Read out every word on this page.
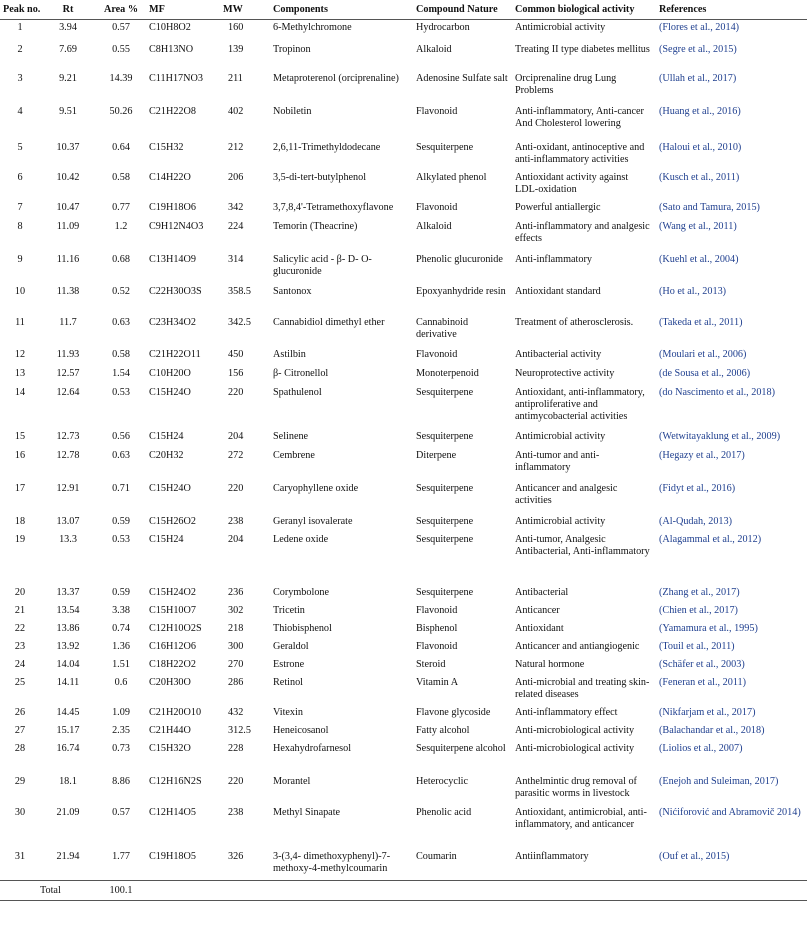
Peak no.	Rt	Area %	MF	MW	Components	Compound Nature	Common biological activity	References
1	3.94	0.57	C10H8O2	160	6-Methylchromone	Hydrocarbon	Antimicrobial activity	(Flores et al., 2014)
2	7.69	0.55	C8H13NO	139	Tropinon	Alkaloid	Treating II type diabetes mellitus	(Segre et al., 2015)
3	9.21	14.39	C11H17NO3	211	Metaproterenol (orciprenaline)	Adenosine Sulfate salt	Orciprenaline drug Lung Problems	(Ullah et al., 2017)
4	9.51	50.26	C21H22O8	402	Nobiletin	Flavonoid	Anti-inflammatory, Anti-cancer And Cholesterol lowering	(Huang et al., 2016)
5	10.37	0.64	C15H32	212	2,6,11-Trimethyldodecane	Sesquiterpene	Anti-oxidant, antinoceptive and anti-inflammatory activities	(Haloui et al., 2010)
6	10.42	0.58	C14H22O	206	3,5-di-tert-butylphenol	Alkylated phenol	Antioxidant activity against LDL-oxidation	(Kusch et al., 2011)
7	10.47	0.77	C19H18O6	342	3,7,8,4'-Tetramethoxyflavone	Flavonoid	Powerful antiallergic	(Sato and Tamura, 2015)
8	11.09	1.2	C9H12N4O3	224	Temorin (Theacrine)	Alkaloid	Anti-inflammatory and analgesic effects	(Wang et al., 2011)
9	11.16	0.68	C13H14O9	314	Salicylic acid - β- D- O-glucuronide	Phenolic glucuronide	Anti-inflammatory	(Kuehl et al., 2004)
10	11.38	0.52	C22H30O3S	358.5	Santonox	Epoxyanhydride resin	Antioxidant standard	(Ho et al., 2013)
11	11.7	0.63	C23H34O2	342.5	Cannabidiol dimethyl ether	Cannabinoid derivative	Treatment of atherosclerosis.	(Takeda et al., 2011)
12	11.93	0.58	C21H22O11	450	Astilbin	Flavonoid	Antibacterial activity	(Moulari et al., 2006)
13	12.57	1.54	C10H20O	156	β- Citronellol	Monoterpenoid	Neuroprotective activity	(de Sousa et al., 2006)
14	12.64	0.53	C15H24O	220	Spathulenol	Sesquiterpene	Antioxidant, anti-inflammatory, antiproliferative and antimycobacterial activities	(do Nascimento et al., 2018)
15	12.73	0.56	C15H24	204	Selinene	Sesquiterpene	Antimicrobial activity	(Wetwitayaklung et al., 2009)
16	12.78	0.63	C20H32	272	Cembrene	Diterpene	Anti-tumor and anti-inflammatory	(Hegazy et al., 2017)
17	12.91	0.71	C15H24O	220	Caryophyllene oxide	Sesquiterpene	Anticancer and analgesic activities	(Fidyt et al., 2016)
18	13.07	0.59	C15H26O2	238	Geranyl isovalerate	Sesquiterpene	Antimicrobial activity	(Al-Qudah, 2013)
19	13.3	0.53	C15H24	204	Ledene oxide	Sesquiterpene	Anti-tumor, Analgesic Antibacterial, Anti-inflammatory	(Alagammal et al., 2012)
20	13.37	0.59	C15H24O2	236	Corymbolone	Sesquiterpene	Antibacterial	(Zhang et al., 2017)
21	13.54	3.38	C15H10O7	302	Tricetin	Flavonoid	Anticancer	(Chien et al., 2017)
22	13.86	0.74	C12H10O2S	218	Thiobisphenol	Bisphenol	Antioxidant	(Yamamura et al., 1995)
23	13.92	1.36	C16H12O6	300	Geraldol	Flavonoid	Anticancer and antiangiogenic	(Touil et al., 2011)
24	14.04	1.51	C18H22O2	270	Estrone	Steroid	Natural hormone	(Schäfer et al., 2003)
25	14.11	0.6	C20H30O	286	Retinol	Vitamin A	Anti-microbial and treating skin-related diseases	(Feneran et al., 2011)
26	14.45	1.09	C21H20O10	432	Vitexin	Flavone glycoside	Anti-inflammatory effect	(Nikfarjam et al., 2017)
27	15.17	2.35	C21H44O	312.5	Heneicosanol	Fatty alcohol	Anti-microbiological activity	(Balachandar et al., 2018)
28	16.74	0.73	C15H32O	228	Hexahydrofarnesol	Sesquiterpene alcohol	Anti-microbiological activity	(Liolios et al., 2007)
29	18.1	8.86	C12H16N2S	220	Morantel	Heterocyclic	Anthelmintic drug removal of parasitic worms in livestock	(Enejoh and Suleiman, 2017)
30	21.09	0.57	C12H14O5	238	Methyl Sinapate	Phenolic acid	Antioxidant, antimicrobial, anti-inflammatory, and anticancer	(Nićiforović and Abramovič 2014)
31	21.94	1.77	C19H18O5	326	3-(3,4- dimethoxyphenyl)-7-methoxy-4-methylcoumarin	Coumarin	Antiinflammatory	(Ouf et al., 2015)
Total		100.1						
